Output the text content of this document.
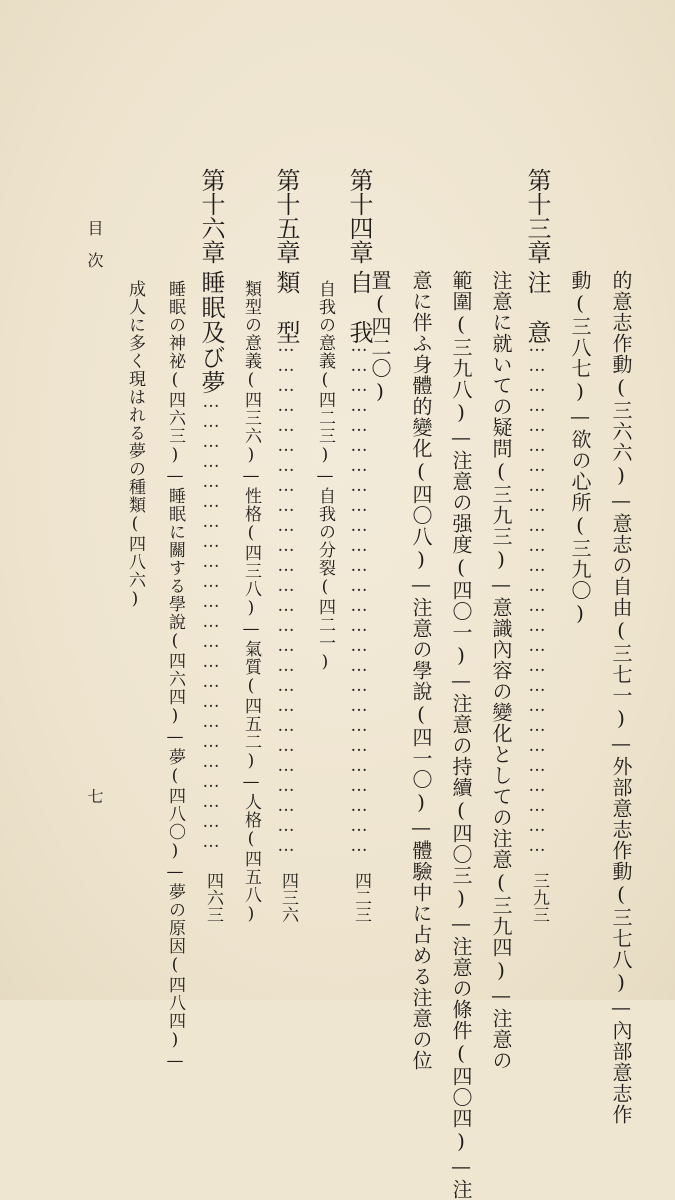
的意志作動(三六六)—意志の自由(三七一)—外部意志作動(三七八)—內部意志作
動(三八七)—欲の心所(三九〇)
第十三章
注　意
……………………………………………………………………
三九三
注意に就いての疑問(三九三)—意識內容の變化としての注意(三九四)—注意の
範圍(三九八)—注意の强度(四〇一)—注意の持續(四〇三)—注意の條件(四〇四)—注
意に伴ふ身體的變化(四〇八)—注意の學說(四一〇)—體驗中に占める注意の位
置(四二〇)
第十四章
自　我
……………………………………………………………………
四二三
自我の意義(四二三)—自我の分裂(四二一)
第十五章
類　型
……………………………………………………………………
四三六
類型の意義(四三六)—性格(四三八)—氣質(四五二)—人格(四五八)
第十六章
睡眠及び夢
……………………………………………………………
四六三
睡眠の神祕(四六三)—睡眠に關する學說(四六四)—夢(四八〇)—夢の原因(四八四)—
成人に多く現はれる夢の種類(四八六)
目　次
七
